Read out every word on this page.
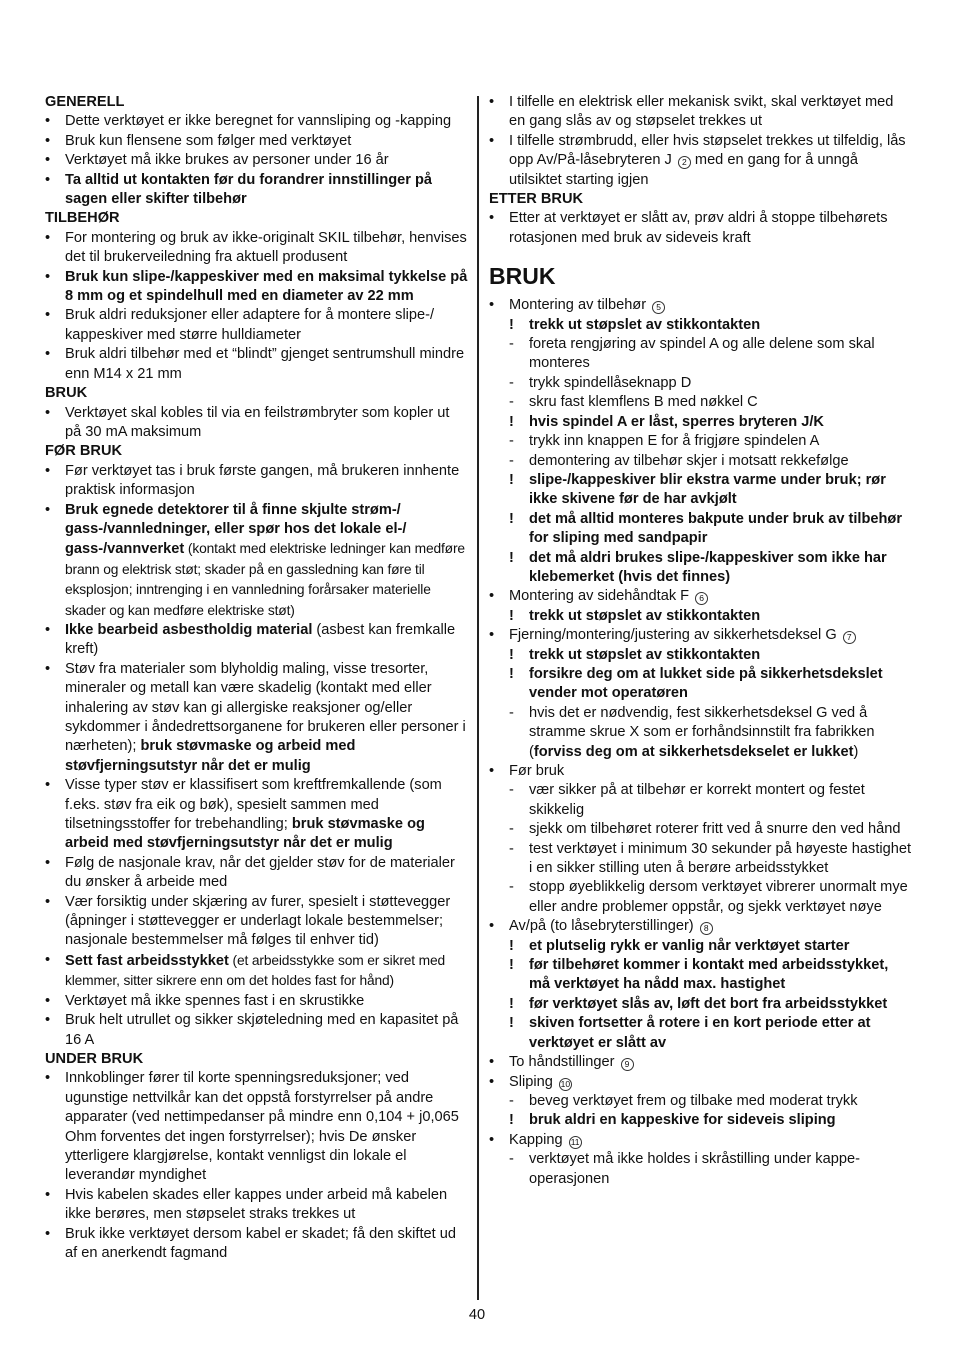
GENERELL
•	Dette verktøyet er ikke beregnet for vannsliping og -kapping
•	Bruk kun flensene som følger med verktøyet
•	Verktøyet må ikke brukes av personer under 16 år
•	Ta alltid ut kontakten før du forandrer innstillinger på sagen eller skifter tilbehør
TILBEHØR
•	For montering og bruk av ikke-originalt SKIL tilbehør, henvises det til brukerveiledning fra aktuell produsent
•	Bruk kun slipe-/kappeskiver med en maksimal tykkelse på 8 mm og et spindelhull med en diameter av 22 mm
•	Bruk aldri reduksjoner eller adaptere for å montere slipe-/ kappeskiver med større hulldiameter
•	Bruk aldri tilbehør med et “blindt” gjenget sentrumshull mindre enn M14 x 21 mm
BRUK
•	Verktøyet skal kobles til via en feilstrømbryter som kopler ut på 30 mA maksimum
FØR BRUK
•	Før verktøyet tas i bruk første gangen, må brukeren innhente praktisk informasjon
•	Bruk egnede detektorer til å finne skjulte strøm-/ gass-/vannledninger, eller spør hos det lokale el-/ gass-/vannverket (kontakt med elektriske ledninger kan medføre brann og elektrisk støt; skader på en gassledning kan føre til eksplosjon; inntrenging i en vannledning forårsaker materielle skader og kan medføre elektriske støt)
•	Ikke bearbeid asbestholdig material (asbest kan fremkalle kreft)
•	Støv fra materialer som blyholdig maling, visse tresorter, mineraler og metall kan være skadelig (kontakt med eller inhalering av støv kan gi allergiske reaksjoner og/eller sykdommer i åndedrettsorganene for brukeren eller personer i nærheten); bruk støvmaske og arbeid med støvfjerningsutstyr når det er mulig
•	Visse typer støv er klassifisert som kreftfremkallende (som f.eks. støv fra eik og bøk), spesielt sammen med tilsetningsstoffer for trebehandling; bruk støvmaske og arbeid med støvfjerningsutstyr når det er mulig
•	Følg de nasjonale krav, når det gjelder støv for de materialer du ønsker å arbeide med
•	Vær forsiktig under skjæring av furer, spesielt i støttevegger (åpninger i støttevegger er underlagt lokale bestemmelser; nasjonale bestemmelser må følges til enhver tid)
•	Sett fast arbeidsstykket (et arbeidsstykke som er sikret med klemmer, sitter sikrere enn om det holdes fast for hånd)
•	Verktøyet må ikke spennes fast i en skrustikke
•	Bruk helt utrullet og sikker skjøteledning med en kapasitet på 16 A
UNDER BRUK
•	Innkoblinger fører til korte spenningsreduksjoner; ved ugunstige nettvilkår kan det oppstå forstyrrelser på andre apparater (ved nettimpedanser på mindre enn 0,104 + j0,065 Ohm forventes det ingen forstyrrelser); hvis De ønsker ytterligere klargjørelse, kontakt vennligst din lokale el leverandør myndighet
•	Hvis kabelen skades eller kappes under arbeid må kabelen ikke berøres, men støpselet straks trekkes ut
•	Bruk ikke verktøyet dersom kabel er skadet; få den skiftet ud af en anerkendt fagmand
•	I tilfelle en elektrisk eller mekanisk svikt, skal verktøyet med en gang slås av og støpselet trekkes ut
•	I tilfelle strømbrudd, eller hvis støpselet trekkes ut tilfeldig, lås opp Av/På-låsebryteren J 2 med en gang for å unngå utilsiktet starting igjen
ETTER BRUK
•	Etter at verktøyet er slått av, prøv aldri å stoppe tilbehørets rotasjonen med bruk av sideveis kraft
BRUK
•	Montering av tilbehør 5
!	trekk ut støpslet av stikkontakten
-	foreta rengjøring av spindel A og alle delene som skal monteres
-	trykk spindellåseknapp D
-	skru fast klemflens B med nøkkel C
!	hvis spindel A er låst, sperres bryteren J/K
-	trykk inn knappen E for å frigjøre spindelen A
-	demontering av tilbehør skjer i motsatt rekkefølge
!	slipe-/kappeskiver blir ekstra varme under bruk; rør ikke skivene før de har avkjølt
!	det må alltid monteres bakpute under bruk av tilbehør for sliping med sandpapir
!	det må aldri brukes slipe-/kappeskiver som ikke har klebemerket (hvis det finnes)
•	Montering av sidehåndtak F 6
!	trekk ut støpslet av stikkontakten
•	Fjerning/montering/justering av sikkerhetsdeksel G 7
!	trekk ut støpslet av stikkontakten
!	forsikre deg om at lukket side på sikkerhetsdekslet vender mot operatøren
-	hvis det er nødvendig, fest sikkerhetsdeksel G ved å stramme skrue X som er forhåndsinnstilt fra fabrikken (forviss deg om at sikkerhetsdekselet er lukket)
•	Før bruk
-	vær sikker på at tilbehør er korrekt montert og festet skikkelig
-	sjekk om tilbehøret roterer fritt ved å snurre den ved hånd
-	test verktøyet i minimum 30 sekunder på høyeste hastighet i en sikker stilling uten å berøre arbeidsstykket
-	stopp øyeblikkelig dersom verktøyet vibrerer unormalt mye eller andre problemer oppstår, og sjekk verktøyet nøye
•	Av/på (to låsebryterstillinger) 8
!	et plutselig rykk er vanlig når verktøyet starter
!	før tilbehøret kommer i kontakt med arbeidsstykket, må verktøyet ha nådd max. hastighet
!	før verktøyet slås av, løft det bort fra arbeidsstykket
!	skiven fortsetter å rotere i en kort periode etter at verktøyet er slått av
•	To håndstillinger 9
•	Sliping 10
-	beveg verktøyet frem og tilbake med moderat trykk
!	bruk aldri en kappeskive for sideveis sliping
•	Kapping 11
-	verktøyet må ikke holdes i skråstilling under kappe-operasjonen
40
